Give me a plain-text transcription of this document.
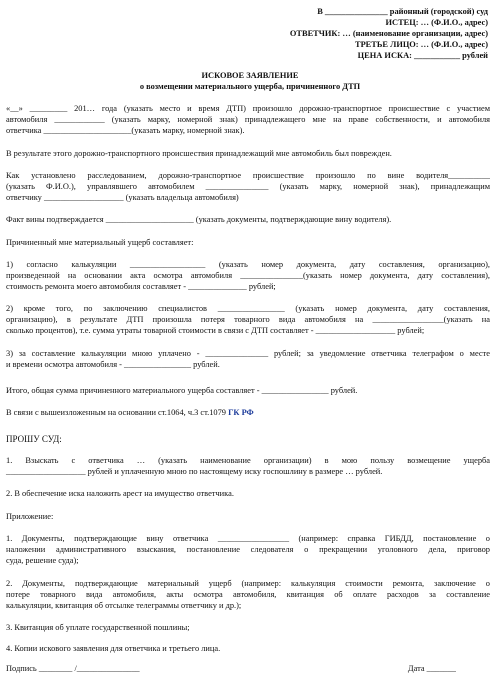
В _______________ районный (городской) суд
ИСТЕЦ: … (Ф.И.О., адрес)
ОТВЕТЧИК: … (наименование организации, адрес)
ТРЕТЬЕ ЛИЦО: … (Ф.И.О., адрес)
ЦЕНА ИСКА: ___________ рублей
ИСКОВОЕ ЗАЯВЛЕНИЕ
о возмещении материального ущерба, причиненного ДТП
«__» _________ 201… года (указать место и время ДТП) произошло дорожно-транспортное происшествие с участием
автомобиля ____________ (указать марку, номерной знак) принадлежащего мне на праве собственности, и автомобиля
ответчика _____________________(указать марку, номерной знак).
В результате этого дорожно-транспортного происшествия принадлежащий мне автомобиль был поврежден.
Как установлено расследованием, дорожно-транспортное происшествие произошло по вине водителя__________
(указать Ф.И.О.), управлявшего автомобилем _______________ (указать марку, номерной знак), принадлежащим
ответчику ___________________ (указать владельца автомобиля)
Факт вины подтверждается _____________________ (указать документы, подтверждающие вину водителя).
Причиненный мне материальный ущерб составляет:
1) согласно калькуляции __________________ (указать номер документа, дату составления, организацию),
произведенной на основании акта осмотра автомобиля _______________(указать номер документа, дату составления),
стоимость ремонта моего автомобиля составляет - ______________ рублей;
2) кроме того, по заключению специалистов ________________ (указать номер документа, дату составления,
организацию), в результате ДТП произошла потеря товарного вида автомобиля на _________________(указать на
сколько процентов), т.е. сумма утраты товарной стоимости в связи с ДТП составляет - ___________________ рублей;
3) за составление калькуляции мною уплачено - _______________ рублей; за уведомление ответчика телеграфом о месте
и времени осмотра автомобиля - ________________ рублей.
Итого, общая сумма причиненного материального ущерба составляет - ________________ рублей.
В связи с вышеизложенным на основании ст.1064, ч.3 ст.1079 ГК РФ
ПРОШУ СУД:
1. Взыскать с ответчика … (указать наименование организации) в мою пользу возмещение ущерба
___________________ рублей и уплаченную мною по настоящему иску госпошлину в размере … рублей.
2. В обеспечение иска наложить арест на имущество ответчика.
Приложение:
1. Документы, подтверждающие вину ответчика _________________ (например: справка ГИБДД, постановление о
наложении административного взыскания, постановление следователя о прекращении уголовного дела, приговор
суда, решение суда);
2. Документы, подтверждающие материальный ущерб (например: калькуляция стоимости ремонта, заключение о
потере товарного вида автомобиля, акты осмотра автомобиля, квитанция об оплате расходов за составление
калькуляции, квитанция об отсылке телеграммы ответчику и др.);
3. Квитанция об уплате государственной пошлины;
4. Копии искового заявления для ответчика и третьего лица.
Подпись ________ /_______________	Дата _______
